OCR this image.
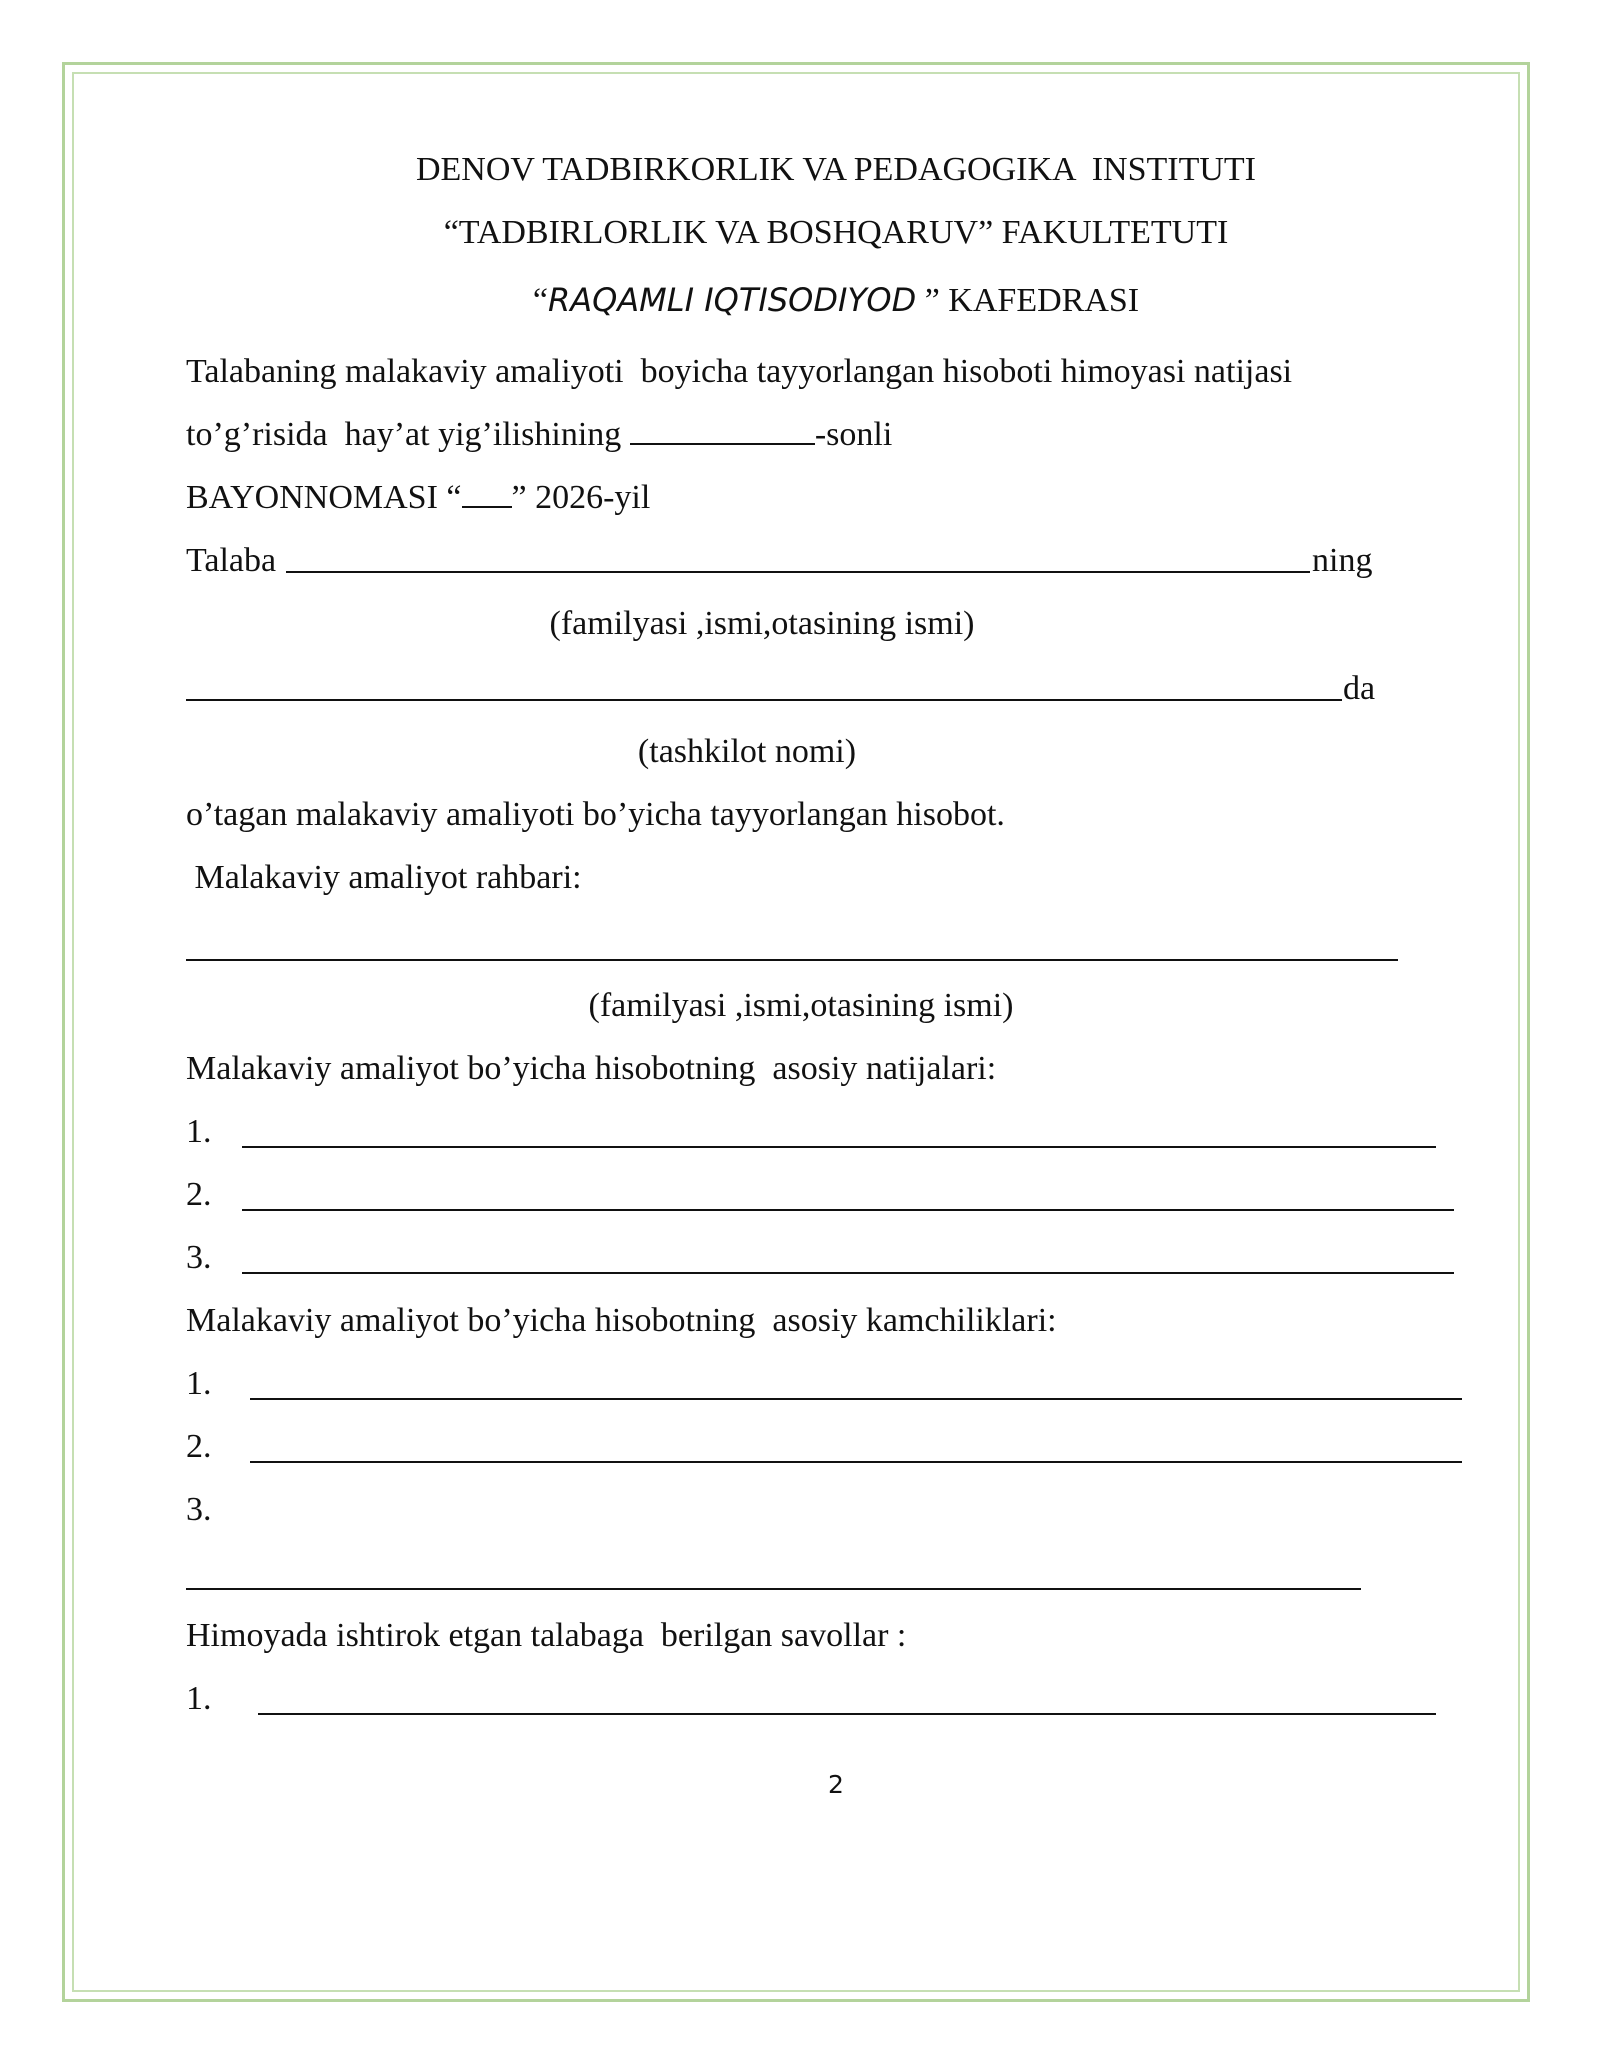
DENOV TADBIRKORLIK VA PEDAGOGIKA  INSTITUTI
“TADBIRLORLIK VA BOSHQARUV” FAKULTETUTI
“RAQAMLI IQTISODIYOD ” KAFEDRASI
Talabaning malakaviy amaliyoti  boyicha tayyorlangan hisoboti himoyasi natijasi
to’g’risida  hay’at yig’ilishining	-sonli
BAYONNOMASI “ ” 2026-yil
Talaba	ning
(familyasi ,ismi,otasining ismi)
da
(tashkilot nomi)
o’tagan malakaviy amaliyoti bo’yicha tayyorlangan hisobot.
Malakaviy amaliyot rahbari:
(familyasi ,ismi,otasining ismi)
Malakaviy amaliyot bo’yicha hisobotning  asosiy natijalari:
1.
2.
3.
Malakaviy amaliyot bo’yicha hisobotning  asosiy kamchiliklari:
1.
2.
3.
Himoyada ishtirok etgan talabaga  berilgan savollar :
1.
2
